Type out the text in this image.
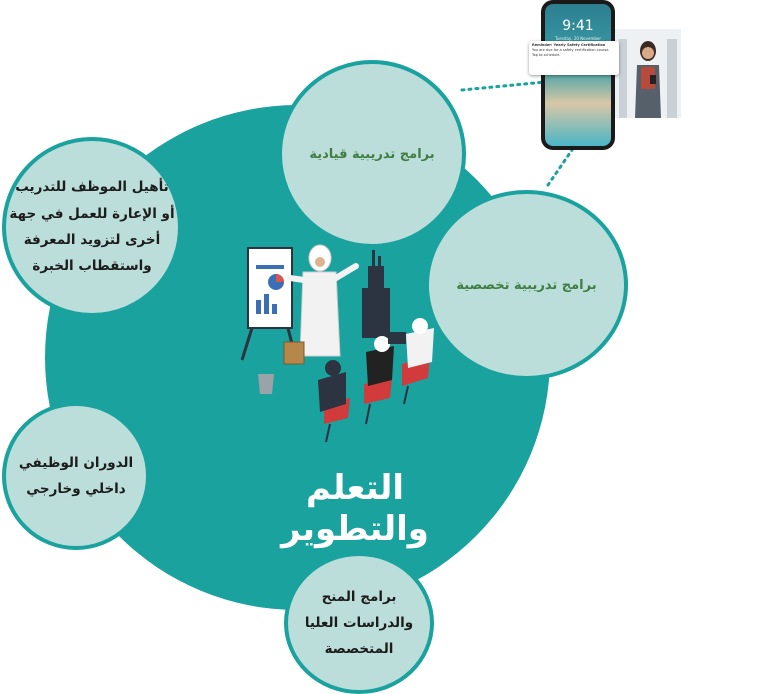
التعلم والتطوير
برامج تدريبية قيادية
برامج تدريبية تخصصية
تأهيل الموظف للتدريب
أو الإعارة للعمل في جهة
أخرى لتزويد المعرفة
واستقطاب الخبرة
الدوران الوظيفي
داخلي وخارجي
برامج المنح
والدراسات العليا
المتخصصة
9:41
Tuesday, 20 November
Reminder: Yearly Safety Certification
You are due for a safety certification course. Tap to schedule.
